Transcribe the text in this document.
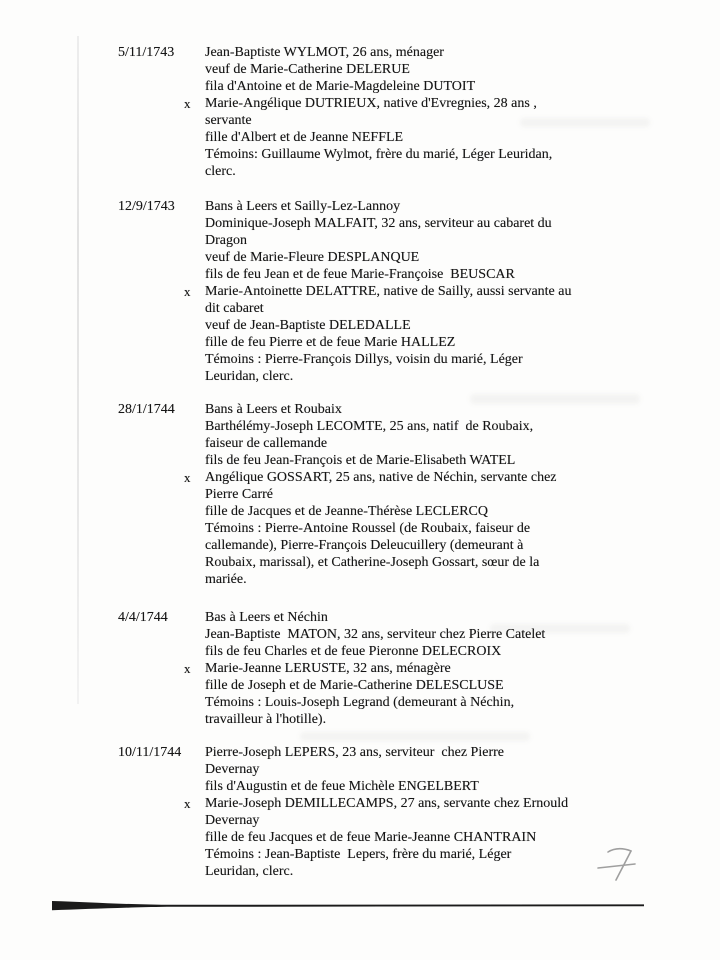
5/11/1743	Jean-Baptiste WYLMOT, 26 ans, ménager
veuf de Marie-Catherine DELERUE
fila d'Antoine et de Marie-Magdeleine DUTOIT
x Marie-Angélique DUTRIEUX, native d'Evregnies, 28 ans ,
servante
fille d'Albert et de Jeanne NEFFLE
Témoins: Guillaume Wylmot, frère du marié, Léger Leuridan,
clerc.
12/9/1743	Bans à Leers et Sailly-Lez-Lannoy
Dominique-Joseph MALFAIT, 32 ans, serviteur au cabaret du
Dragon
veuf de Marie-Fleure DESPLANQUE
fils de feu Jean et de feue Marie-Françoise  BEUSCAR
x Marie-Antoinette DELATTRE, native de Sailly, aussi servante au
dit cabaret
veuf de Jean-Baptiste DELEDALLE
fille de feu Pierre et de feue Marie HALLEZ
Témoins : Pierre-François Dillys, voisin du marié, Léger
Leuridan, clerc.
28/1/1744	Bans à Leers et Roubaix
Barthélémy-Joseph LECOMTE, 25 ans, natif  de Roubaix,
faiseur de callemande
fils de feu Jean-François et de Marie-Elisabeth WATEL
x Angélique GOSSART, 25 ans, native de Néchin, servante chez
Pierre Carré
fille de Jacques et de Jeanne-Thérèse LECLERCQ
Témoins : Pierre-Antoine Roussel (de Roubaix, faiseur de
callemande), Pierre-François Deleucuillery (demeurant à
Roubaix, marissal), et Catherine-Joseph Gossart, sœur de la
mariée.
4/4/1744	Bas à Leers et Néchin
Jean-Baptiste  MATON, 32 ans, serviteur chez Pierre Catelet
fils de feu Charles et de feue Pieronne DELECROIX
x Marie-Jeanne LERUSTE, 32 ans, ménagère
fille de Joseph et de Marie-Catherine DELESCLUSE
Témoins : Louis-Joseph Legrand (demeurant à Néchin,
travailleur à l'hotille).
10/11/1744	Pierre-Joseph LEPERS, 23 ans, serviteur  chez Pierre
Devernay
fils d'Augustin et de feue Michèle ENGELBERT
x Marie-Joseph DEMILLECAMPS, 27 ans, servante chez Ernould
Devernay
fille de feu Jacques et de feue Marie-Jeanne CHANTRAIN
Témoins : Jean-Baptiste  Lepers, frère du marié, Léger
Leuridan, clerc.
